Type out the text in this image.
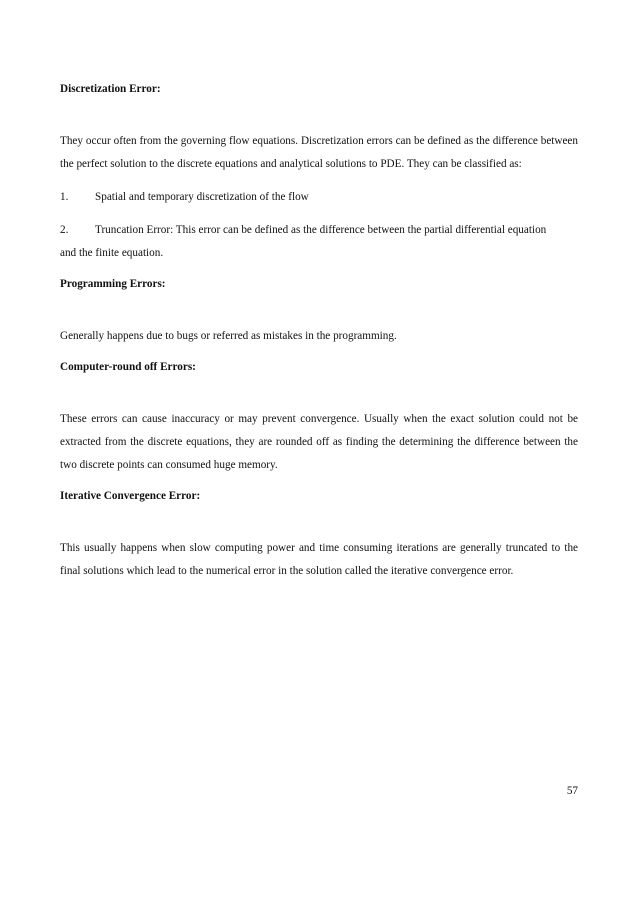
Discretization Error:

They occur often from the governing flow equations. Discretization errors can be defined as the difference between the perfect solution to the discrete equations and analytical solutions to PDE. They can be classified as:

1.	Spatial and temporary discretization of the flow
2.	Truncation Error: This error can be defined as the difference between the partial differential equation

and the finite equation.

Programming Errors:

Generally happens due to bugs or referred as mistakes in the programming.

Computer-round off Errors:

These errors can cause inaccuracy or may prevent convergence. Usually when the exact solution could not be extracted from the discrete equations, they are rounded off as finding the determining the difference between the two discrete points can consumed huge memory.

Iterative Convergence Error:

This usually happens when slow computing power and time consuming iterations are generally truncated to the final solutions which lead to the numerical error in the solution called the iterative convergence error.

57
